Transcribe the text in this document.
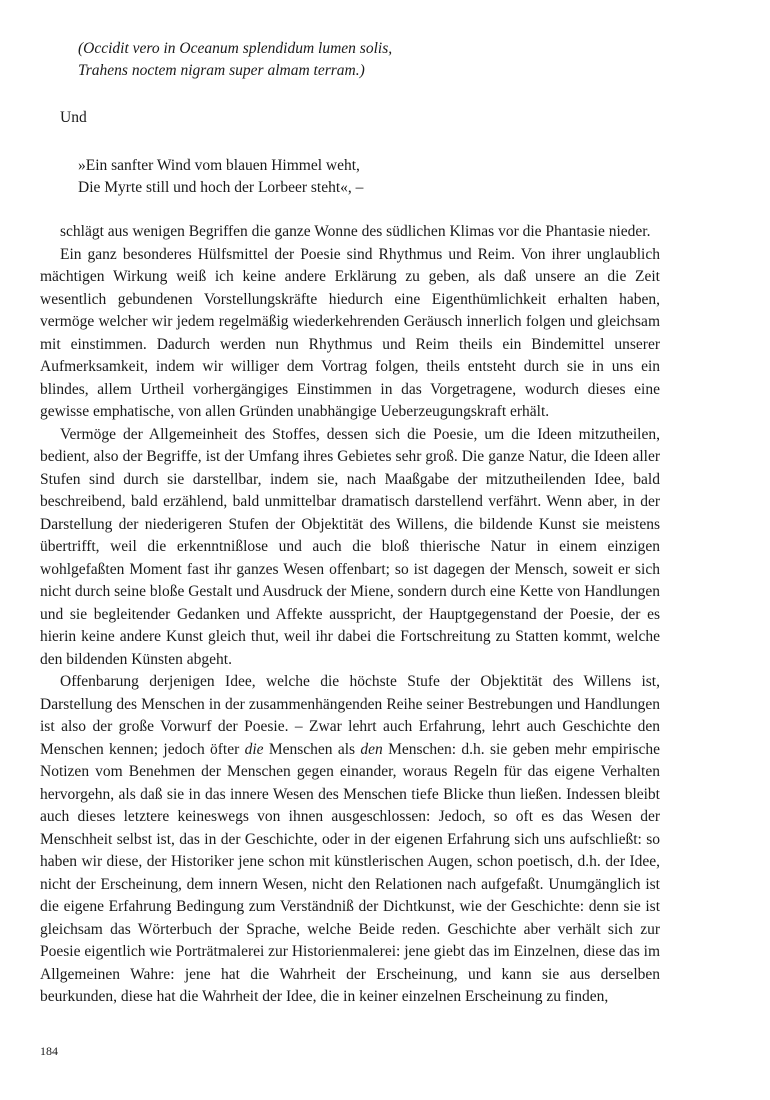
(Occidit vero in Oceanum splendidum lumen solis,
Trahens noctem nigram super almam terram.)
Und
»Ein sanfter Wind vom blauen Himmel weht,
Die Myrte still und hoch der Lorbeer steht«, –

schlägt aus wenigen Begriffen die ganze Wonne des südlichen Klimas vor die Phantasie nieder.

Ein ganz besonderes Hülfsmittel der Poesie sind Rhythmus und Reim. Von ihrer unglaublich mächtigen Wirkung weiß ich keine andere Erklärung zu geben, als daß unsere an die Zeit wesentlich gebundenen Vorstellungskräfte hiedurch eine Eigenthümlichkeit erhalten haben, vermöge welcher wir jedem regelmäßig wiederkehrenden Geräusch innerlich folgen und gleichsam mit einstimmen. Dadurch werden nun Rhythmus und Reim theils ein Bindemittel unserer Aufmerksamkeit, indem wir williger dem Vortrag folgen, theils entsteht durch sie in uns ein blindes, allem Urtheil vorhergängiges Einstimmen in das Vorgetragene, wodurch dieses eine gewisse emphatische, von allen Gründen unabhängige Ueberzeugungskraft erhält.

Vermöge der Allgemeinheit des Stoffes, dessen sich die Poesie, um die Ideen mitzutheilen, bedient, also der Begriffe, ist der Umfang ihres Gebietes sehr groß. Die ganze Natur, die Ideen aller Stufen sind durch sie darstellbar, indem sie, nach Maaßgabe der mitzutheilenden Idee, bald beschreibend, bald erzählend, bald unmittelbar dramatisch darstellend verfährt. Wenn aber, in der Darstellung der niederigeren Stufen der Objektität des Willens, die bildende Kunst sie meistens übertrifft, weil die erkenntnißlose und auch die bloß thierische Natur in einem einzigen wohlgefaßten Moment fast ihr ganzes Wesen offenbart; so ist dagegen der Mensch, soweit er sich nicht durch seine bloße Gestalt und Ausdruck der Miene, sondern durch eine Kette von Handlungen und sie begleitender Gedanken und Affekte ausspricht, der Hauptgegenstand der Poesie, der es hierin keine andere Kunst gleich thut, weil ihr dabei die Fortschreitung zu Statten kommt, welche den bildenden Künsten abgeht.

Offenbarung derjenigen Idee, welche die höchste Stufe der Objektität des Willens ist, Darstellung des Menschen in der zusammenhängenden Reihe seiner Bestrebungen und Handlungen ist also der große Vorwurf der Poesie. – Zwar lehrt auch Erfahrung, lehrt auch Geschichte den Menschen kennen; jedoch öfter die Menschen als den Menschen: d.h. sie geben mehr empirische Notizen vom Benehmen der Menschen gegen einander, woraus Regeln für das eigene Verhalten hervorgehn, als daß sie in das innere Wesen des Menschen tiefe Blicke thun ließen. Indessen bleibt auch dieses letztere keineswegs von ihnen ausgeschlossen: Jedoch, so oft es das Wesen der Menschheit selbst ist, das in der Geschichte, oder in der eigenen Erfahrung sich uns aufschließt: so haben wir diese, der Historiker jene schon mit künstlerischen Augen, schon poetisch, d.h. der Idee, nicht der Erscheinung, dem innern Wesen, nicht den Relationen nach aufgefaßt. Unumgänglich ist die eigene Erfahrung Bedingung zum Verständniß der Dichtkunst, wie der Geschichte: denn sie ist gleichsam das Wörterbuch der Sprache, welche Beide reden. Geschichte aber verhält sich zur Poesie eigentlich wie Porträtmalerei zur Historienmalerei: jene giebt das im Einzelnen, diese das im Allgemeinen Wahre: jene hat die Wahrheit der Erscheinung, und kann sie aus derselben beurkunden, diese hat die Wahrheit der Idee, die in keiner einzelnen Erscheinung zu finden,

184
